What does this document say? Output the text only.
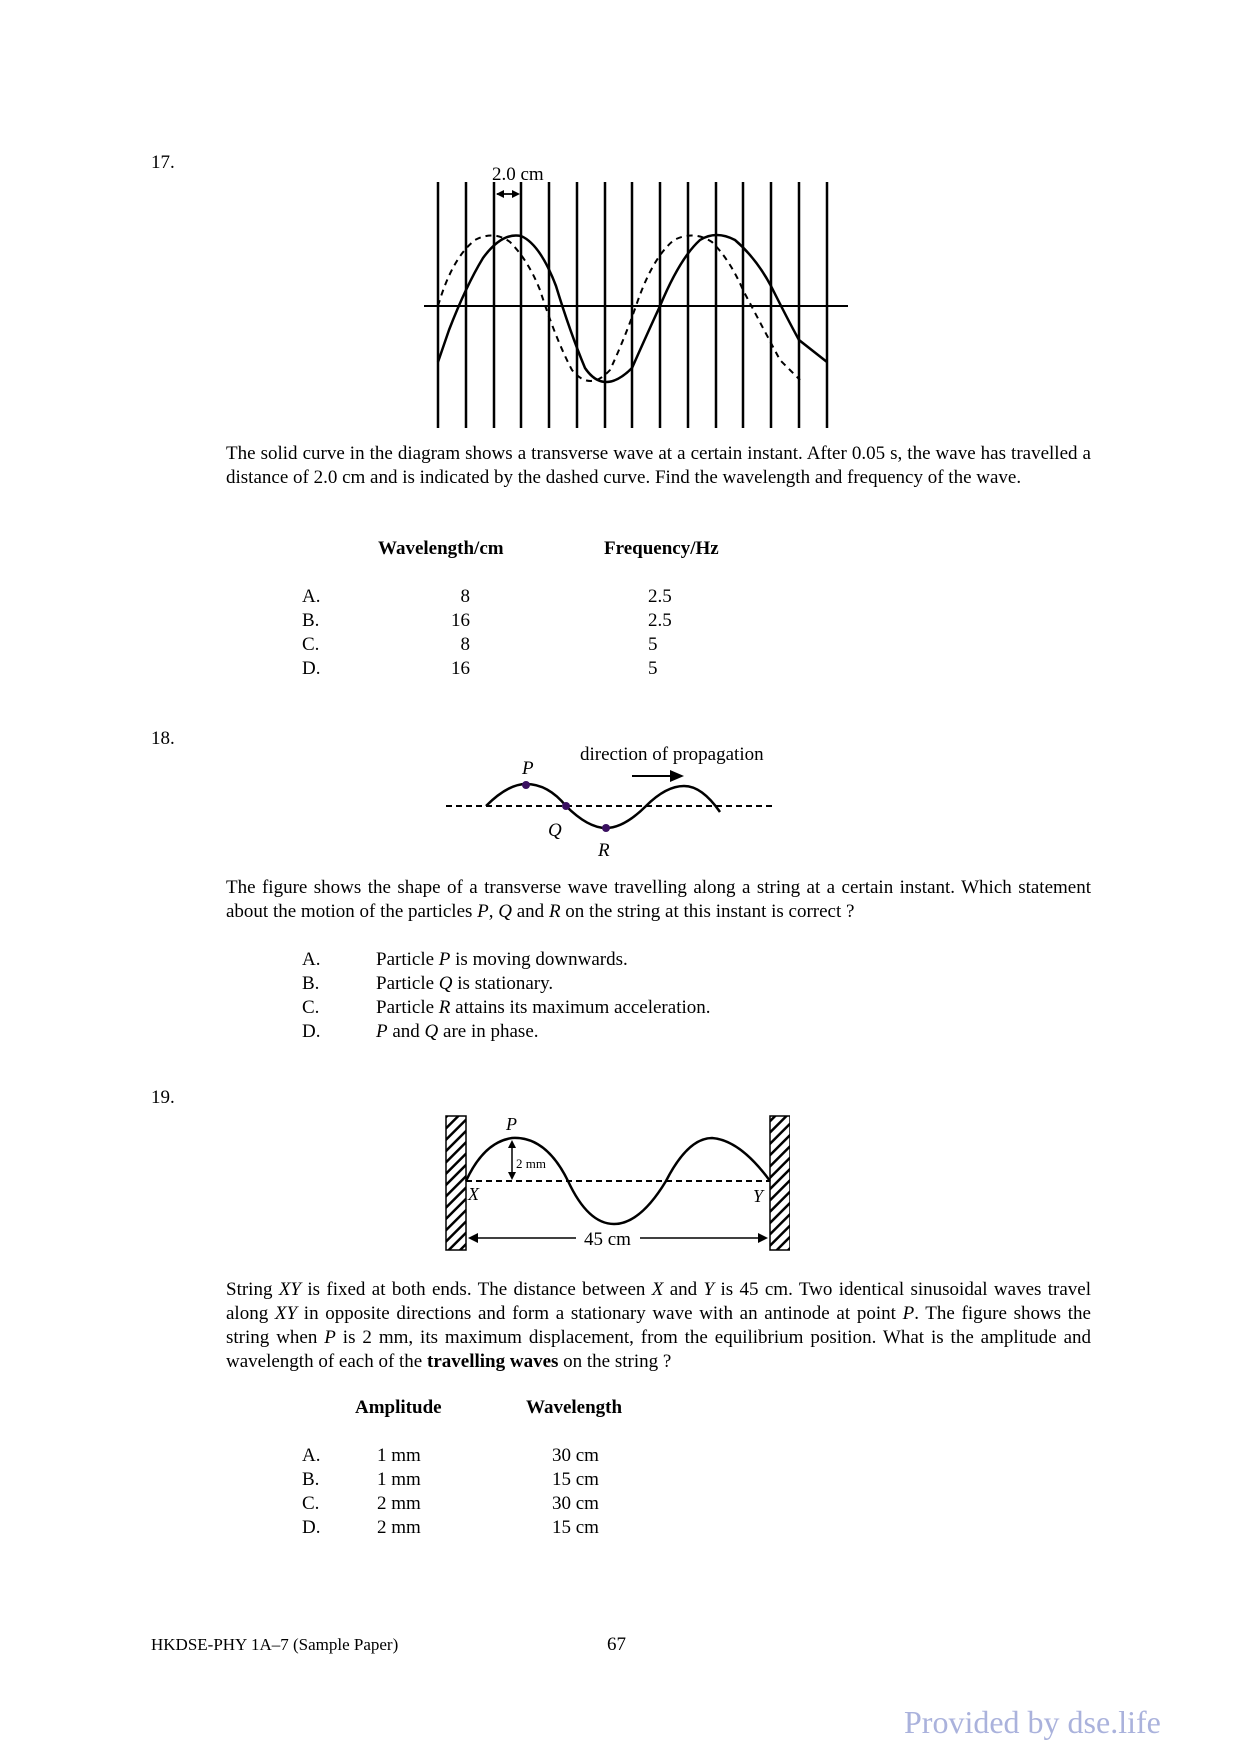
17.
2.0 cm
The solid curve in the diagram shows a transverse wave at a certain instant. After 0.05 s, the wave has travelled a distance of 2.0 cm and is indicated by the dashed curve. Find the wavelength and frequency of the wave.
Wavelength/cm	Frequency/Hz
A.	8	2.5
B.	16	2.5
C.	8	5
D.	16	5
18.
P
Q
R
direction of propagation
The figure shows the shape of a transverse wave travelling along a string at a certain instant. Which statement about the motion of the particles P, Q and R on the string at this instant is correct ?
A.	Particle P is moving downwards.
B.	Particle Q is stationary.
C.	Particle R attains its maximum acceleration.
D.	P and Q are in phase.
19.
P
2 mm
X	Y
45 cm
String XY is fixed at both ends. The distance between X and Y is 45 cm. Two identical sinusoidal waves travel along XY in opposite directions and form a stationary wave with an antinode at point P. The figure shows the string when P is 2 mm, its maximum displacement, from the equilibrium position. What is the amplitude and wavelength of each of the travelling waves on the string ?
Amplitude	Wavelength
A.	1 mm	30 cm
B.	1 mm	15 cm
C.	2 mm	30 cm
D.	2 mm	15 cm
HKDSE-PHY 1A–7 (Sample Paper)	67
Provided by dse.life
